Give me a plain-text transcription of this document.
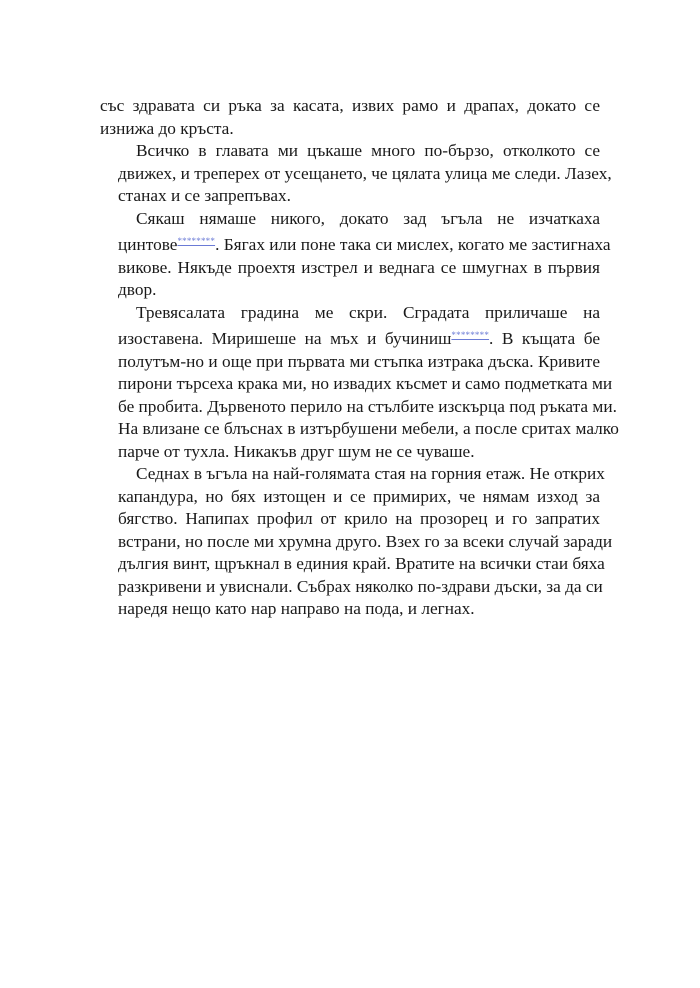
със здравата си ръка за касата, извих рамо и драпах, докато се
изнижа до кръста.

Всичко в главата ми цъкаше много по-бързо, отколкото се
движех, и треперех от усещането, че цялата улица ме следи. Лазех,
станах и се запрепъвах.

Сякаш нямаше никого, докато зад ъгъла не изчаткаха
цинтове********. Бягах или поне така си мислех, когато ме застигнаха
викове. Някъде проехтя изстрел и веднага се шмугнах в първия
двор.

Тревясалата градина ме скри. Сградата приличаше на
изоставена. Миришеше на мъх и бучиниш********. В къщата бе
полутъм-но и още при първата ми стъпка изтрака дъска. Кривите
пирони търсеха крака ми, но извадих късмет и само подметката ми
бе пробита. Дървеното перило на стълбите изскърца под ръката ми.
На влизане се блъснах в изтърбушени мебели, а после сритах малко
парче от тухла. Никакъв друг шум не се чуваше.

Седнах в ъгъла на най-голямата стая на горния етаж. Не открих
капандура, но бях изтощен и се примирих, че нямам изход за
бягство. Напипах профил от крило на прозорец и го запратих
встрани, но после ми хрумна друго. Взех го за всеки случай заради
дългия винт, щръкнал в единия край. Вратите на всички стаи бяха
разкривени и увиснали. Събрах няколко по-здрави дъски, за да си
наредя нещо като нар направо на пода, и легнах.
